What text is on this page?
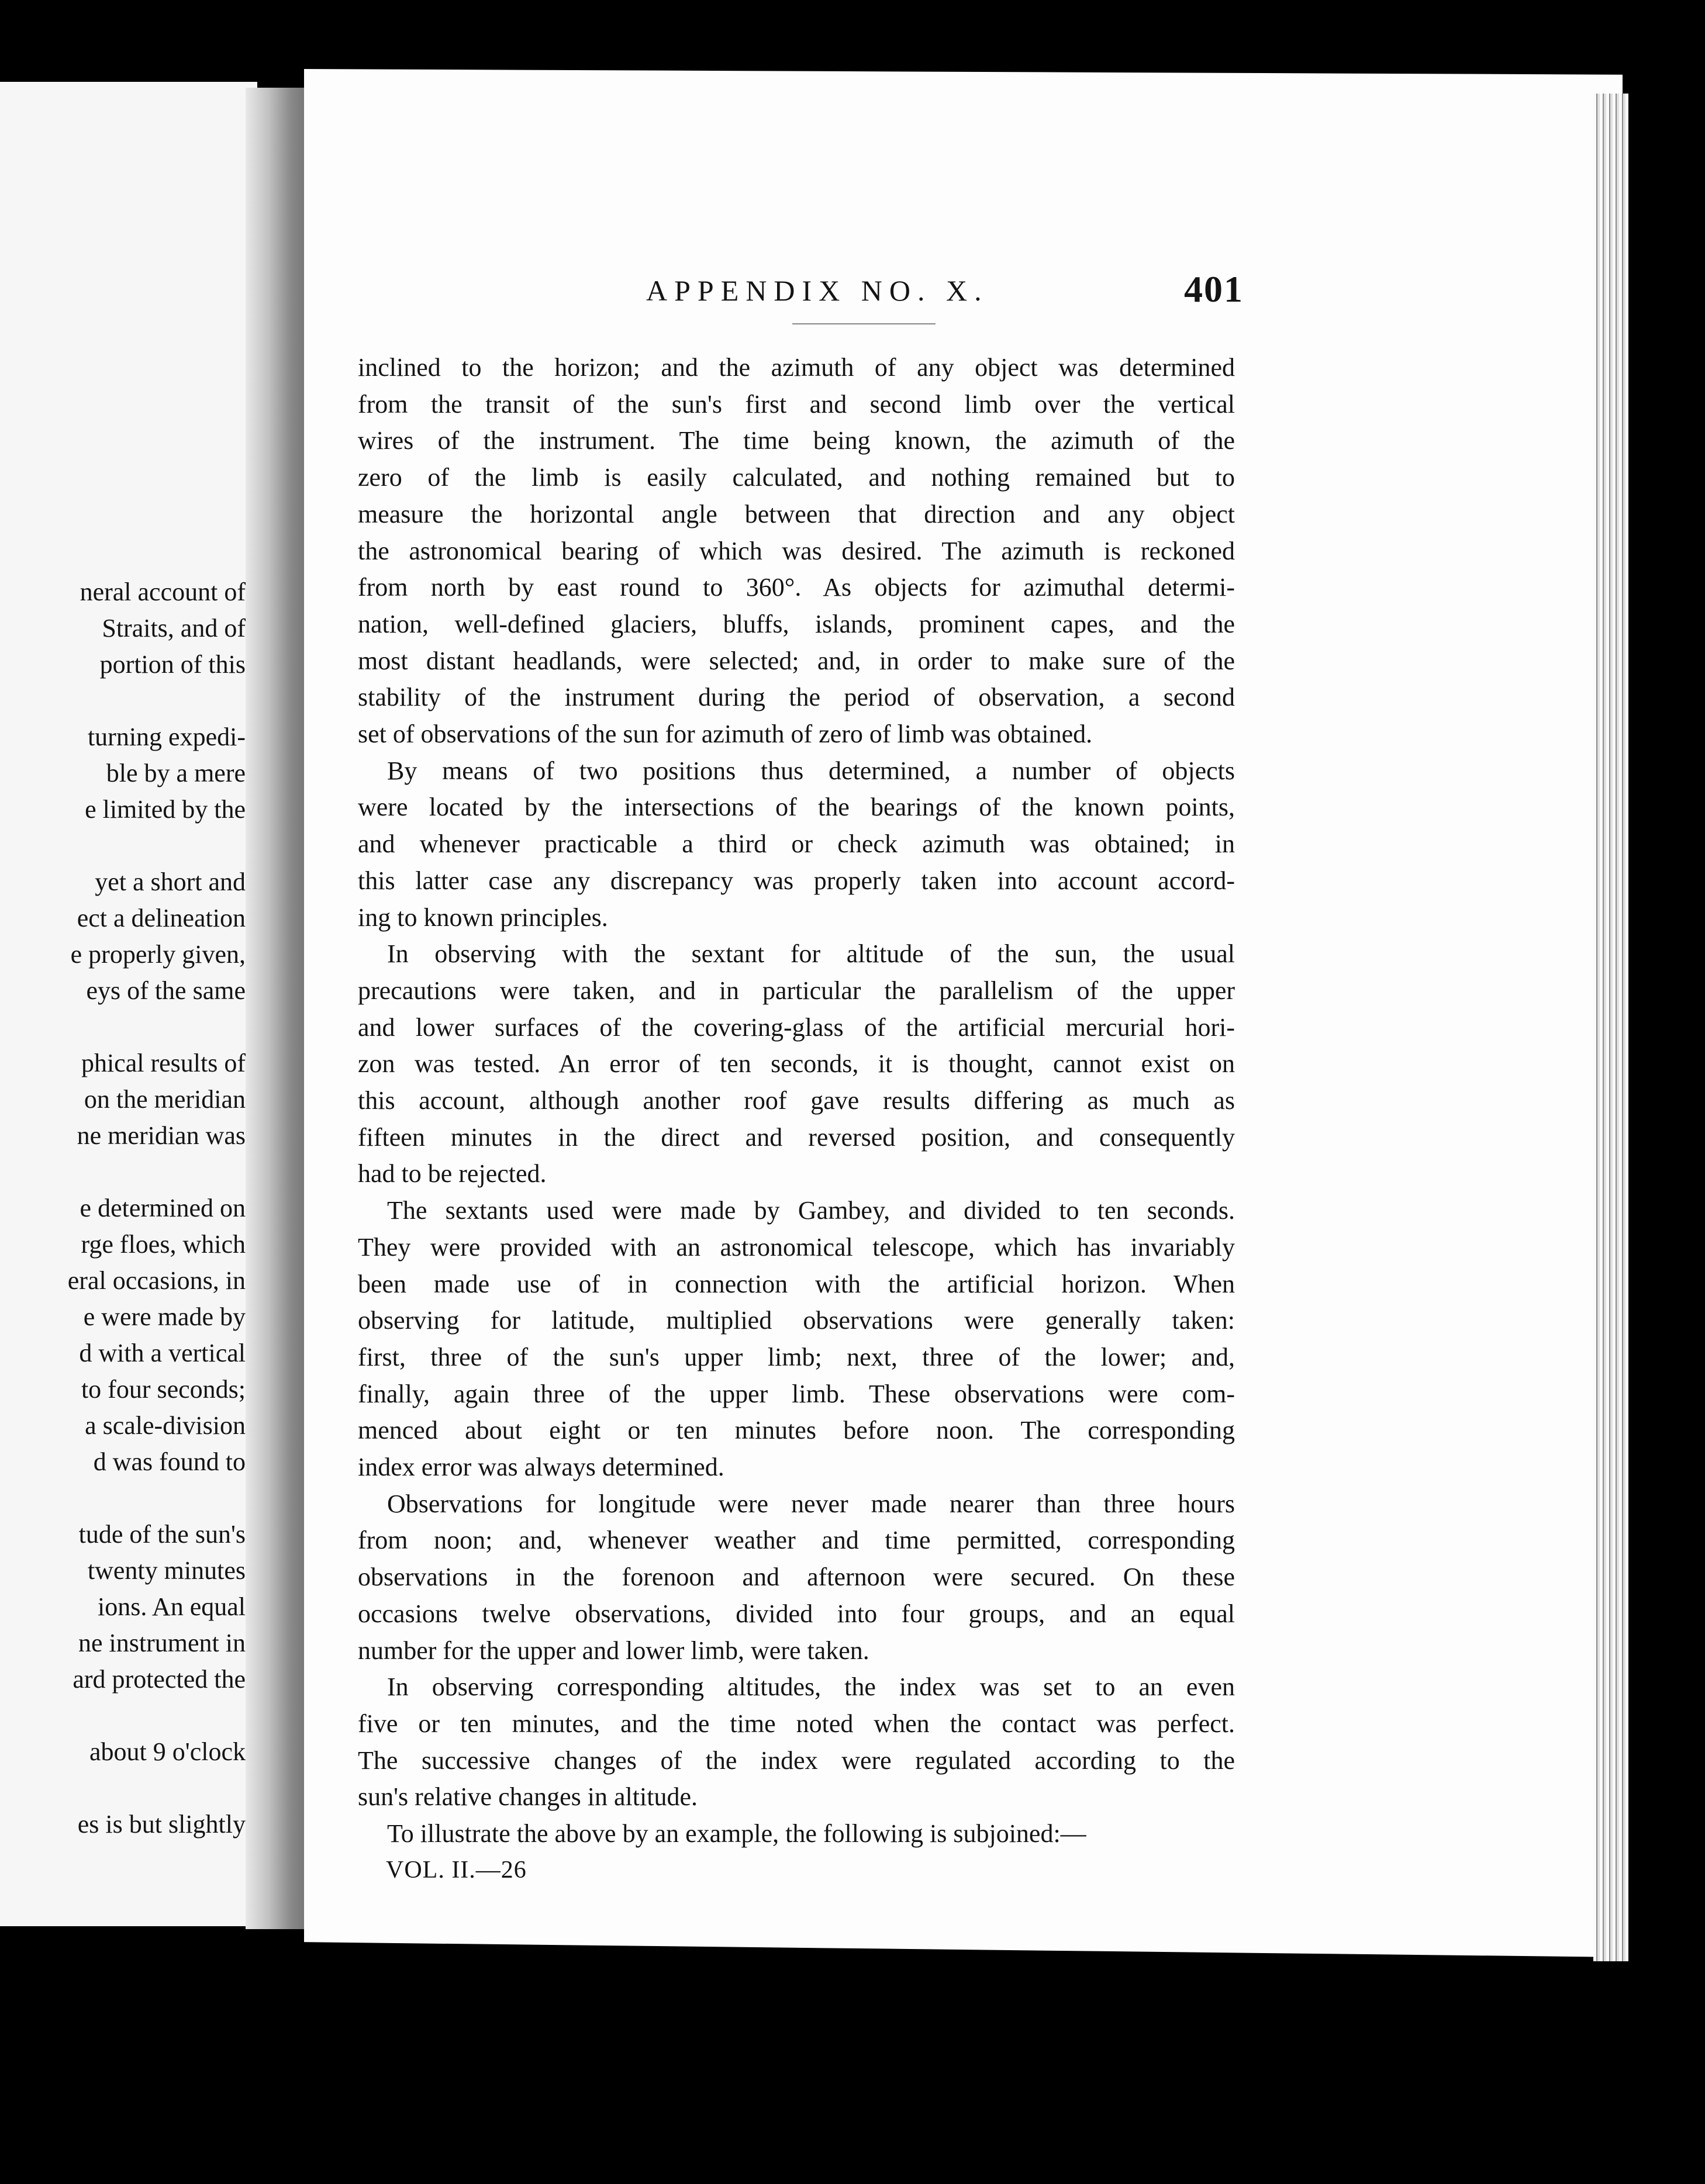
APPENDIX NO. X.	401
VOL. II.—26
neral account of
Straits, and of
portion of this
turning expedi-
ble by a mere
e limited by the
yet a short and
ect a delineation
e properly given,
eys of the same
phical results of
on the meridian
ne meridian was
e determined on
rge floes, which
eral occasions, in
e were made by
d with a vertical
to four seconds;
a scale-division
d was found to
tude of the sun's
twenty minutes
ions. An equal
ne instrument in
ard protected the
about 9 o'clock
es is but slightly
inclined to the horizon; and the azimuth of any object was determined
from the transit of the sun's first and second limb over the vertical
wires of the instrument. The time being known, the azimuth of the
zero of the limb is easily calculated, and nothing remained but to
measure the horizontal angle between that direction and any object
the astronomical bearing of which was desired. The azimuth is reckoned
from north by east round to 360°. As objects for azimuthal determi-
nation, well-defined glaciers, bluffs, islands, prominent capes, and the
most distant headlands, were selected; and, in order to make sure of the
stability of the instrument during the period of observation, a second
set of observations of the sun for azimuth of zero of limb was obtained.
By means of two positions thus determined, a number of objects
were located by the intersections of the bearings of the known points,
and whenever practicable a third or check azimuth was obtained; in
this latter case any discrepancy was properly taken into account accord-
ing to known principles.
In observing with the sextant for altitude of the sun, the usual
precautions were taken, and in particular the parallelism of the upper
and lower surfaces of the covering-glass of the artificial mercurial hori-
zon was tested. An error of ten seconds, it is thought, cannot exist on
this account, although another roof gave results differing as much as
fifteen minutes in the direct and reversed position, and consequently
had to be rejected.
The sextants used were made by Gambey, and divided to ten seconds.
They were provided with an astronomical telescope, which has invariably
been made use of in connection with the artificial horizon. When
observing for latitude, multiplied observations were generally taken:
first, three of the sun's upper limb; next, three of the lower; and,
finally, again three of the upper limb. These observations were com-
menced about eight or ten minutes before noon. The corresponding
index error was always determined.
Observations for longitude were never made nearer than three hours
from noon; and, whenever weather and time permitted, corresponding
observations in the forenoon and afternoon were secured. On these
occasions twelve observations, divided into four groups, and an equal
number for the upper and lower limb, were taken.
In observing corresponding altitudes, the index was set to an even
five or ten minutes, and the time noted when the contact was perfect.
The successive changes of the index were regulated according to the
sun's relative changes in altitude.
To illustrate the above by an example, the following is subjoined:—
